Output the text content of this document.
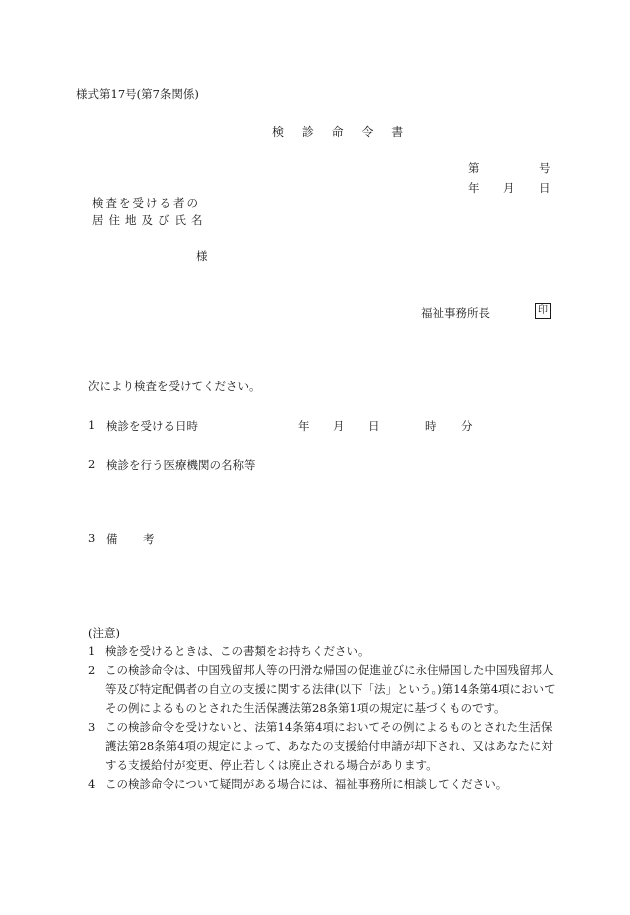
様式第17号(第7条関係)
検 診 命 令 書
第	号
年 月 日
検査を受ける者の
居住地及び氏名
様
福祉事務所長	印
次により検査を受けてください。
1 検診を受ける日時	年 月 日	時 分
2 検診を行う医療機関の名称等
3 備 考
(注意)
1 検診を受けるときは、この書類をお持ちください。
2 この検診命令は、中国残留邦人等の円滑な帰国の促進並びに永住帰国した中国残留邦人等及び特定配偶者の自立の支援に関する法律(以下「法」という。)第14条第4項においてその例によるものとされた生活保護法第28条第1項の規定に基づくものです。
3 この検診命令を受けないと、法第14条第4項においてその例によるものとされた生活保護法第28条第4項の規定によって、あなたの支援給付申請が却下され、又はあなたに対する支援給付が変更、停止若しくは廃止される場合があります。
4 この検診命令について疑問がある場合には、福祉事務所に相談してください。
